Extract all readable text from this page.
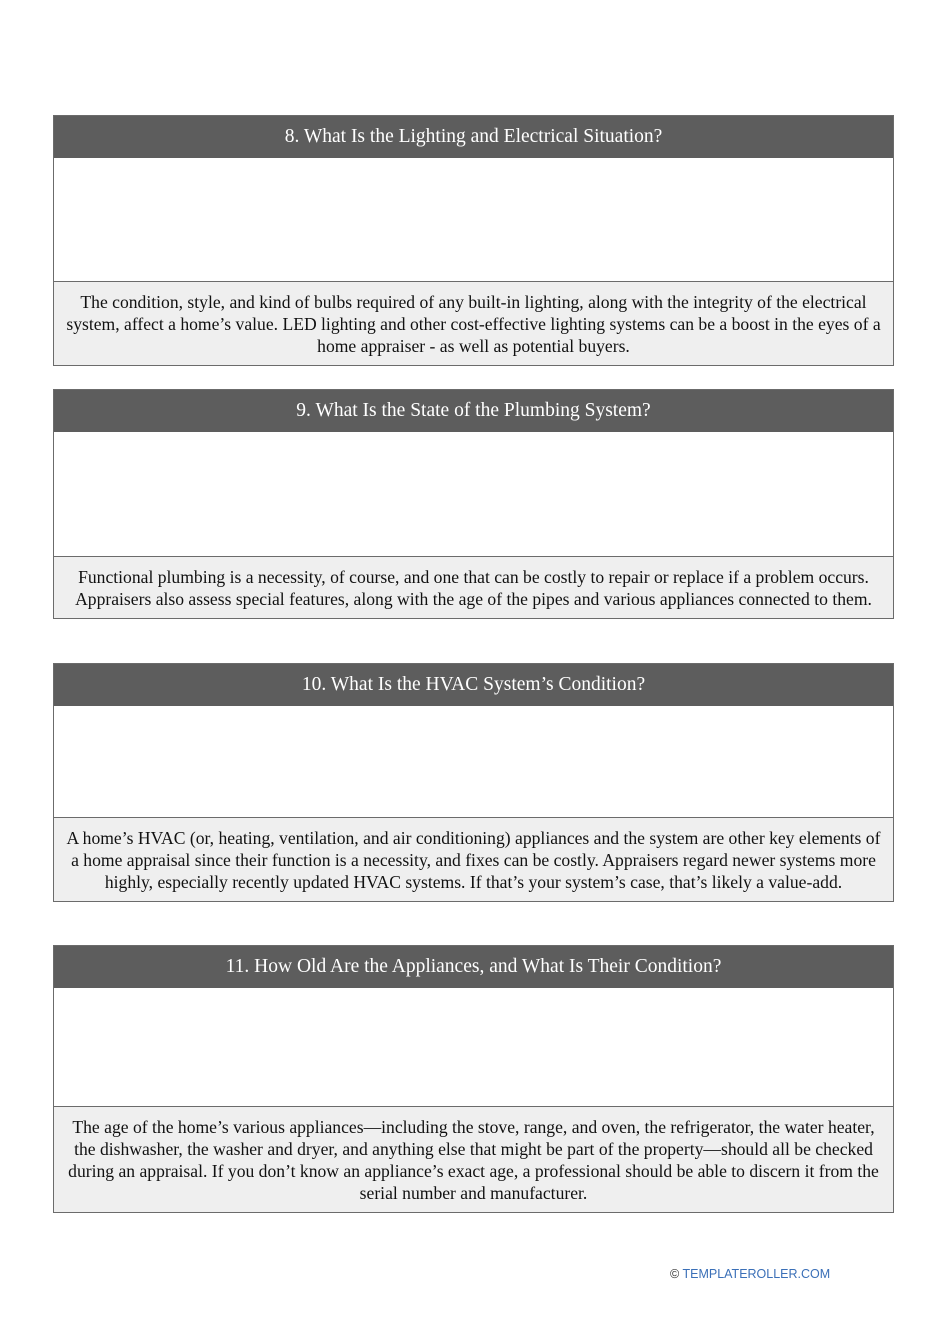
8. What Is the Lighting and Electrical Situation?
The condition, style, and kind of bulbs required of any built-in lighting, along with the integrity of the electrical system, affect a home’s value. LED lighting and other cost-effective lighting systems can be a boost in the eyes of a home appraiser - as well as potential buyers.
9. What Is the State of the Plumbing System?
Functional plumbing is a necessity, of course, and one that can be costly to repair or replace if a problem occurs. Appraisers also assess special features, along with the age of the pipes and various appliances connected to them.
10. What Is the HVAC System’s Condition?
A home’s HVAC (or, heating, ventilation, and air conditioning) appliances and the system are other key elements of a home appraisal since their function is a necessity, and fixes can be costly. Appraisers regard newer systems more highly, especially recently updated HVAC systems. If that’s your system’s case, that’s likely a value-add.
11. How Old Are the Appliances, and What Is Their Condition?
The age of the home’s various appliances—including the stove, range, and oven, the refrigerator, the water heater, the dishwasher, the washer and dryer, and anything else that might be part of the property—should all be checked during an appraisal. If you don’t know an appliance’s exact age, a professional should be able to discern it from the serial number and manufacturer.
© TEMPLATEROLLER.COM
